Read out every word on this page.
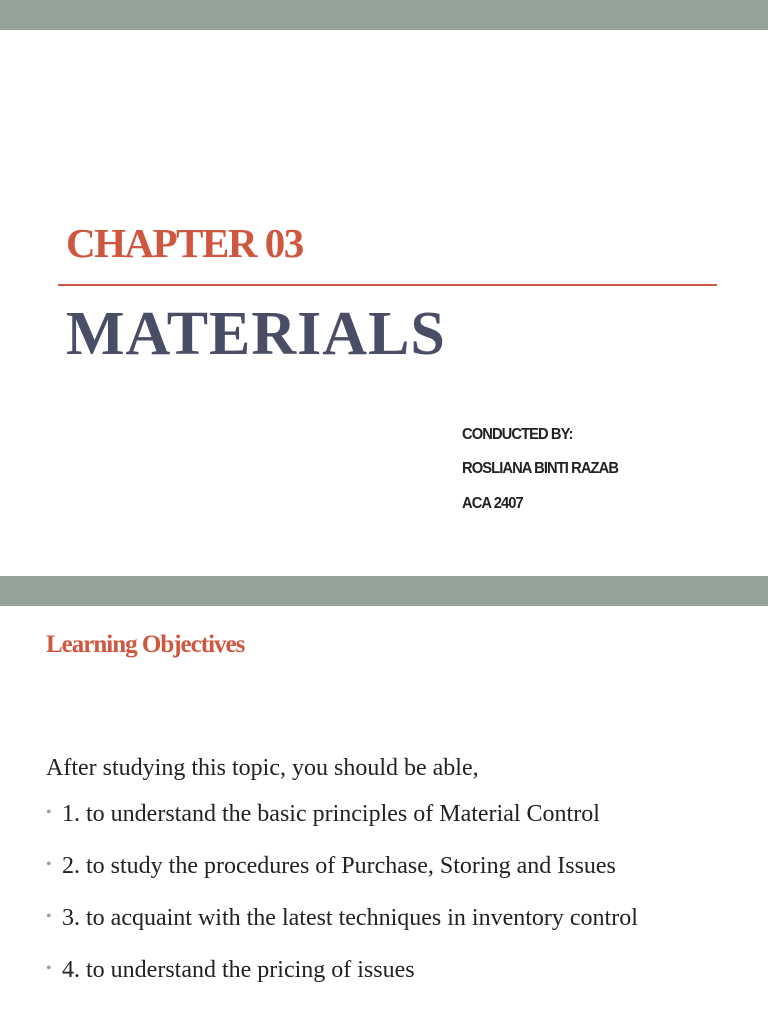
CHAPTER 03
MATERIALS

CONDUCTED BY:

ROSLIANA BINTI RAZAB

ACA 2407

Learning Objectives

After studying this topic, you should be able,

• 1. to understand the basic principles of Material Control
• 2. to study the procedures of Purchase, Storing and Issues
• 3. to acquaint with the latest techniques in inventory control
• 4. to understand the pricing of issues
